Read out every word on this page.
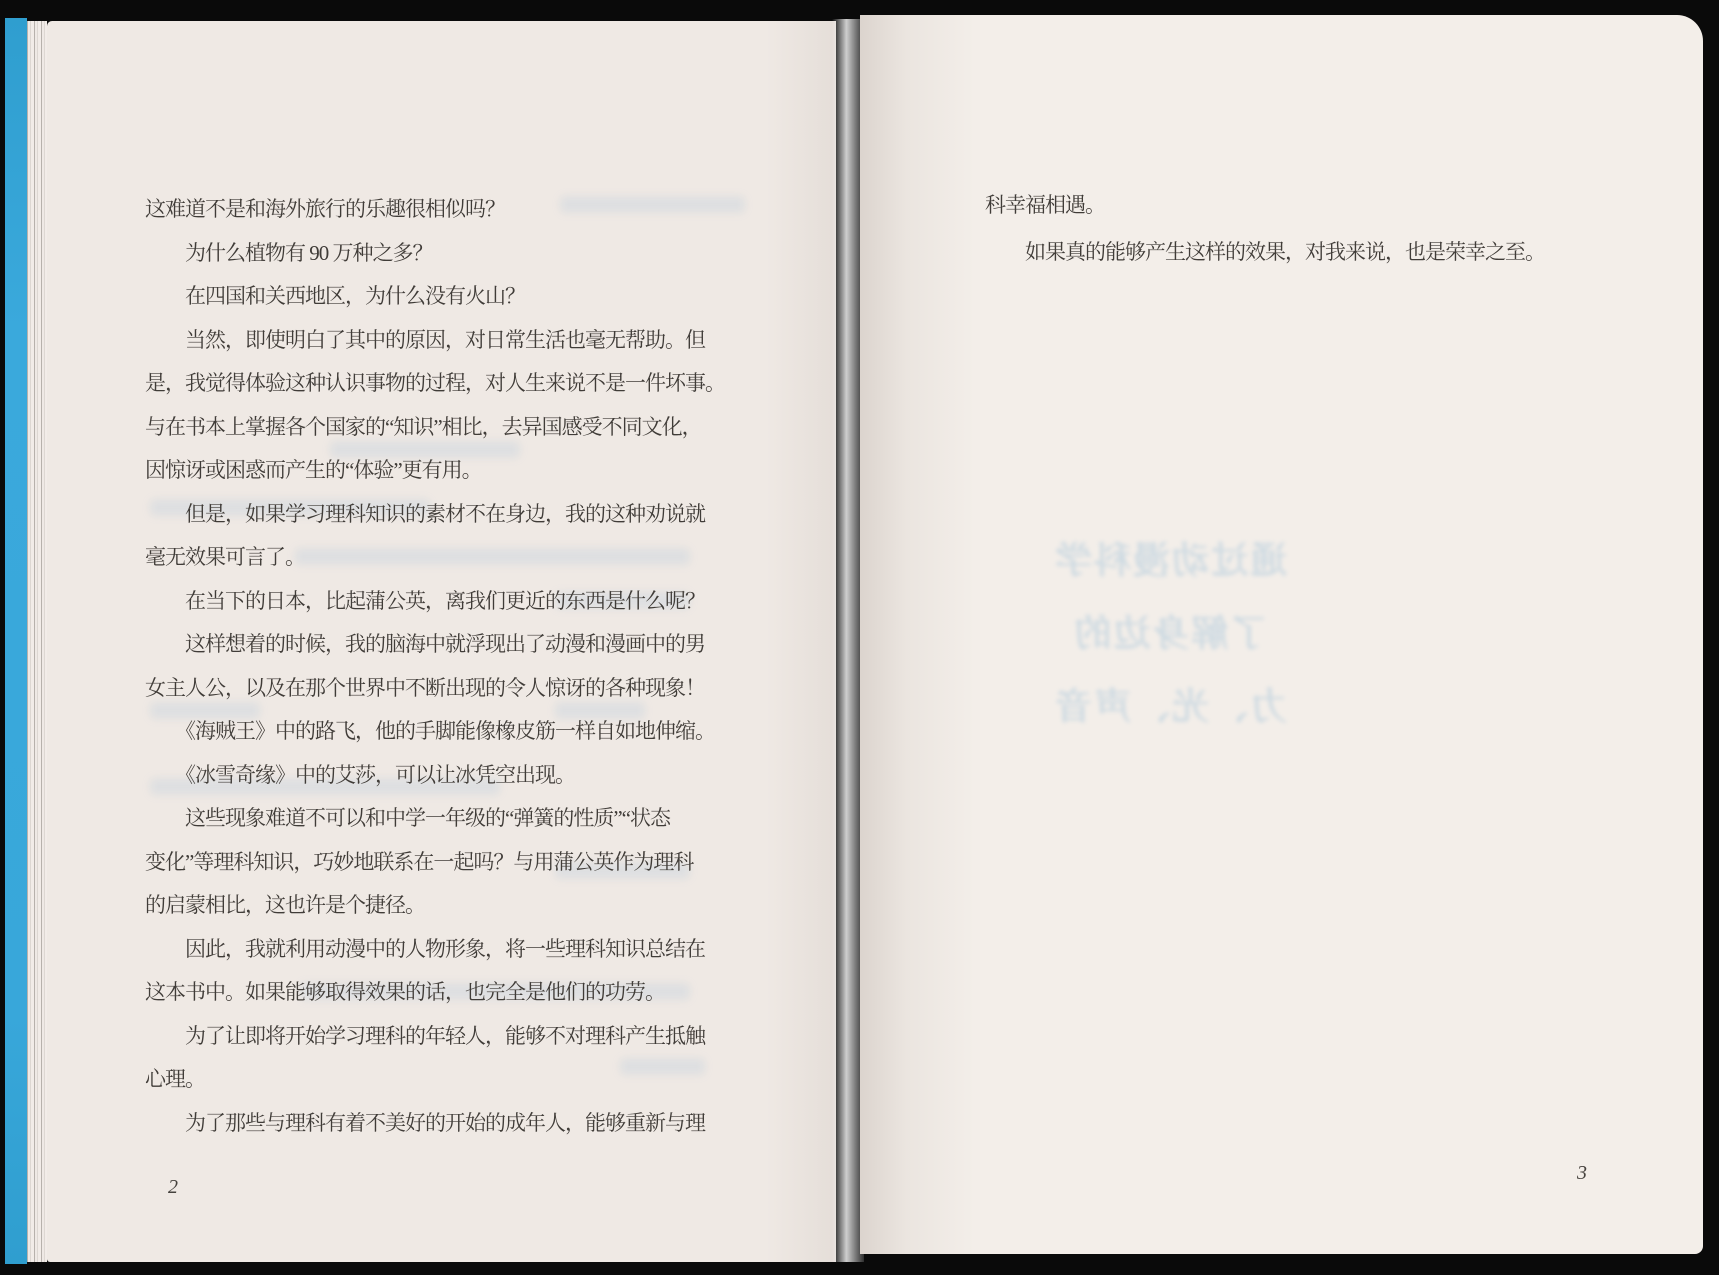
通过动漫科学
了解身边的
力、光、声音

这难道不是和海外旅行的乐趣很相似吗？

为什么植物有 90 万种之多？

在四国和关西地区，为什么没有火山？

当然，即使明白了其中的原因，对日常生活也毫无帮助。但

是，我觉得体验这种认识事物的过程，对人生来说不是一件坏事。

与在书本上掌握各个国家的“知识”相比，去异国感受不同文化，

因惊讶或困惑而产生的“体验”更有用。

但是，如果学习理科知识的素材不在身边，我的这种劝说就

毫无效果可言了。

在当下的日本，比起蒲公英，离我们更近的东西是什么呢？

这样想着的时候，我的脑海中就浮现出了动漫和漫画中的男

女主人公，以及在那个世界中不断出现的令人惊讶的各种现象！

《海贼王》中的路飞，他的手脚能像橡皮筋一样自如地伸缩。

《冰雪奇缘》中的艾莎，可以让冰凭空出现。

这些现象难道不可以和中学一年级的“弹簧的性质”“状态

变化”等理科知识，巧妙地联系在一起吗？与用蒲公英作为理科

的启蒙相比，这也许是个捷径。

因此，我就利用动漫中的人物形象，将一些理科知识总结在

这本书中。如果能够取得效果的话，也完全是他们的功劳。

为了让即将开始学习理科的年轻人，能够不对理科产生抵触

心理。

为了那些与理科有着不美好的开始的成年人，能够重新与理

科幸福相遇。

如果真的能够产生这样的效果，对我来说，也是荣幸之至。

2
3
